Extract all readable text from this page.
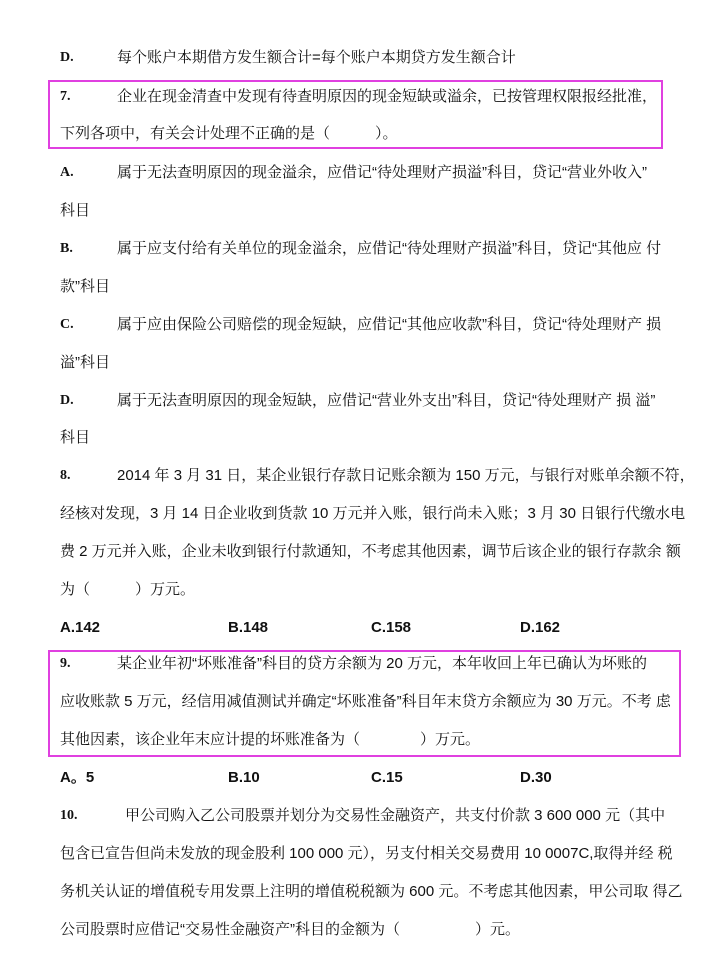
D.	每个账户本期借方发生额合计=每个账户本期贷方发生额合计
7.	企业在现金清查中发现有待查明原因的现金短缺或溢余，已按管理权限报经批准，
下列各项中，有关会计处理不正确的是（　　　）。
A.	属于无法查明原因的现金溢余，应借记“待处理财产损溢”科目，贷记“营业外收入”
科目
B.	属于应支付给有关单位的现金溢余，应借记“待处理财产损溢”科目，贷记“其他应 付
款”科目
C.	属于应由保险公司赔偿的现金短缺，应借记“其他应收款”科目，贷记“待处理财产 损
溢”科目
D.	属于无法查明原因的现金短缺，应借记“营业外支出”科目，贷记“待处理财产 损 溢”
科目
8.	2014 年 3 月 31 日，某企业银行存款日记账余额为 150 万元，与银行对账单余额不符，
经核对发现，3 月 14 日企业收到货款 10 万元并入账，银行尚未入账；3 月 30 日银行代缴水电
费 2 万元并入账，企业未收到银行付款通知，不考虑其他因素，调节后该企业的银行存款余 额
为（　　　）万元。
A.142	B.148	C.158	D.162
9.	某企业年初“坏账准备”科目的贷方余额为 20 万元，本年收回上年已确认为坏账的
应收账款 5 万元，经信用减值测试并确定“坏账准备”科目年末贷方余额应为 30 万元。不考 虑
其他因素，该企业年末应计提的坏账准备为（　　　　）万元。
A。5	B.10	C.15	D.30
10.	甲公司购入乙公司股票并划分为交易性金融资产，共支付价款 3 600 000 元（其中
包含已宣告但尚未发放的现金股利 100 000 元），另支付相关交易费用 10 0007C,取得并经 税
务机关认证的增值税专用发票上注明的增值税税额为 600 元。不考虑其他因素，甲公司取 得乙
公司股票时应借记“交易性金融资产”科目的金额为（　　　　　）元。
